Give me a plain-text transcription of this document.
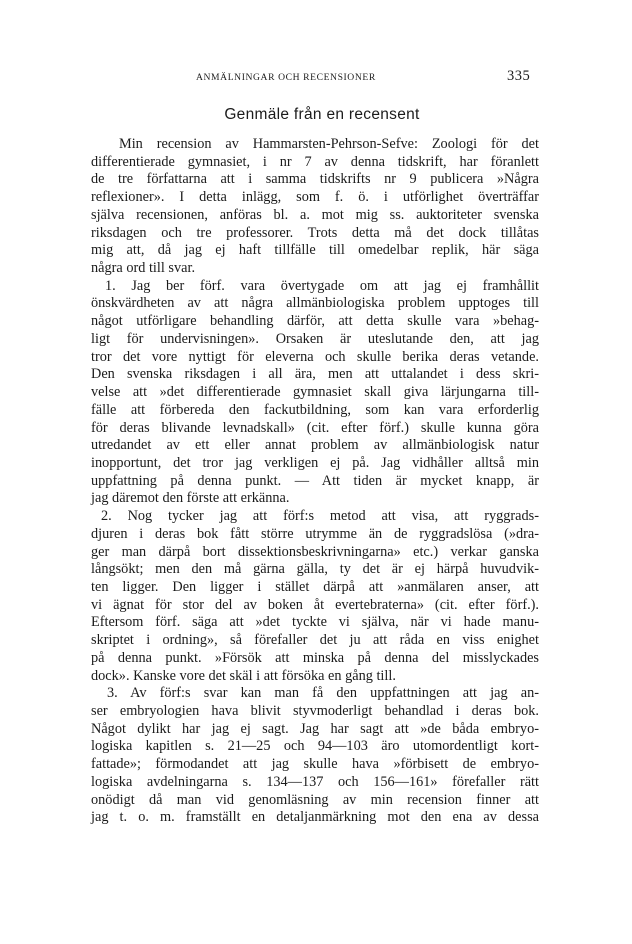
ANMÄLNINGAR OCH RECENSIONER	335
Genmäle från en recensent
Min recension av Hammarsten-Pehrson-Sefve: Zoologi för det
differentierade gymnasiet, i nr 7 av denna tidskrift, har föranlett
de tre författarna att i samma tidskrifts nr 9 publicera »Några
reflexioner». I detta inlägg, som f. ö. i utförlighet överträffar
själva recensionen, anföras bl. a. mot mig ss. auktoriteter svenska
riksdagen och tre professorer. Trots detta må det dock tillåtas
mig att, då jag ej haft tillfälle till omedelbar replik, här säga
några ord till svar.
1. Jag ber förf. vara övertygade om att jag ej framhållit
önskvärdheten av att några allmänbiologiska problem upptoges till
något utförligare behandling därför, att detta skulle vara »behag-
ligt för undervisningen». Orsaken är uteslutande den, att jag
tror det vore nyttigt för eleverna och skulle berika deras vetande.
Den svenska riksdagen i all ära, men att uttalandet i dess skri-
velse att »det differentierade gymnasiet skall giva lärjungarna till-
fälle att förbereda den fackutbildning, som kan vara erforderlig
för deras blivande levnadskall» (cit. efter förf.) skulle kunna göra
utredandet av ett eller annat problem av allmänbiologisk natur
inopportunt, det tror jag verkligen ej på. Jag vidhåller alltså min
uppfattning på denna punkt. — Att tiden är mycket knapp, är
jag däremot den förste att erkänna.
2. Nog tycker jag att förf:s metod att visa, att ryggrads-
djuren i deras bok fått större utrymme än de ryggradslösa (»dra-
ger man därpå bort dissektionsbeskrivningarna» etc.) verkar ganska
långsökt; men den må gärna gälla, ty det är ej härpå huvudvik-
ten ligger. Den ligger i stället därpå att »anmälaren anser, att
vi ägnat för stor del av boken åt evertebraterna» (cit. efter förf.).
Eftersom förf. säga att »det tyckte vi själva, när vi hade manu-
skriptet i ordning», så förefaller det ju att råda en viss enighet
på denna punkt. »Försök att minska på denna del misslyckades
dock». Kanske vore det skäl i att försöka en gång till.
3. Av förf:s svar kan man få den uppfattningen att jag an-
ser embryologien hava blivit styvmoderligt behandlad i deras bok.
Något dylikt har jag ej sagt. Jag har sagt att »de båda embryo-
logiska kapitlen s. 21—25 och 94—103 äro utomordentligt kort-
fattade»; förmodandet att jag skulle hava »förbisett de embryo-
logiska avdelningarna s. 134—137 och 156—161» förefaller rätt
onödigt då man vid genomläsning av min recension finner att
jag t. o. m. framställt en detaljanmärkning mot den ena av dessa
